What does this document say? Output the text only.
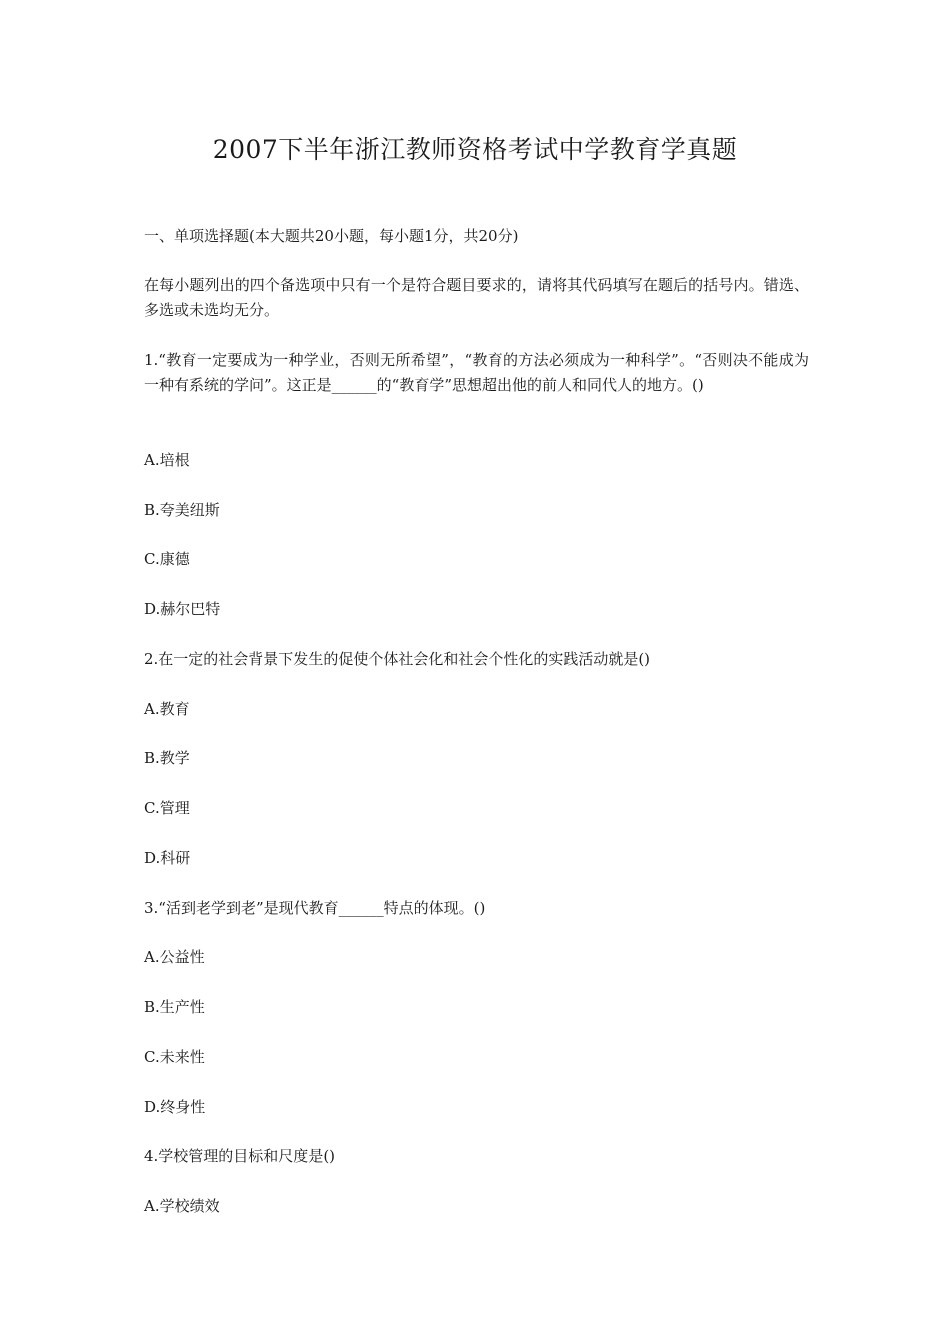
2007下半年浙江教师资格考试中学教育学真题
一、单项选择题(本大题共20小题，每小题1分，共20分)
在每小题列出的四个备选项中只有一个是符合题目要求的，请将其代码填写在题后的括号内。错选、多选或未选均无分。
1.“教育一定要成为一种学业，否则无所希望”，“教育的方法必须成为一种科学”。“否则决不能成为一种有系统的学问”。这正是______的“教育学”思想超出他的前人和同代人的地方。()
A.培根
B.夸美纽斯
C.康德
D.赫尔巴特
2.在一定的社会背景下发生的促使个体社会化和社会个性化的实践活动就是()
A.教育
B.教学
C.管理
D.科研
3.“活到老学到老”是现代教育______特点的体现。()
A.公益性
B.生产性
C.未来性
D.终身性
4.学校管理的目标和尺度是()
A.学校绩效
